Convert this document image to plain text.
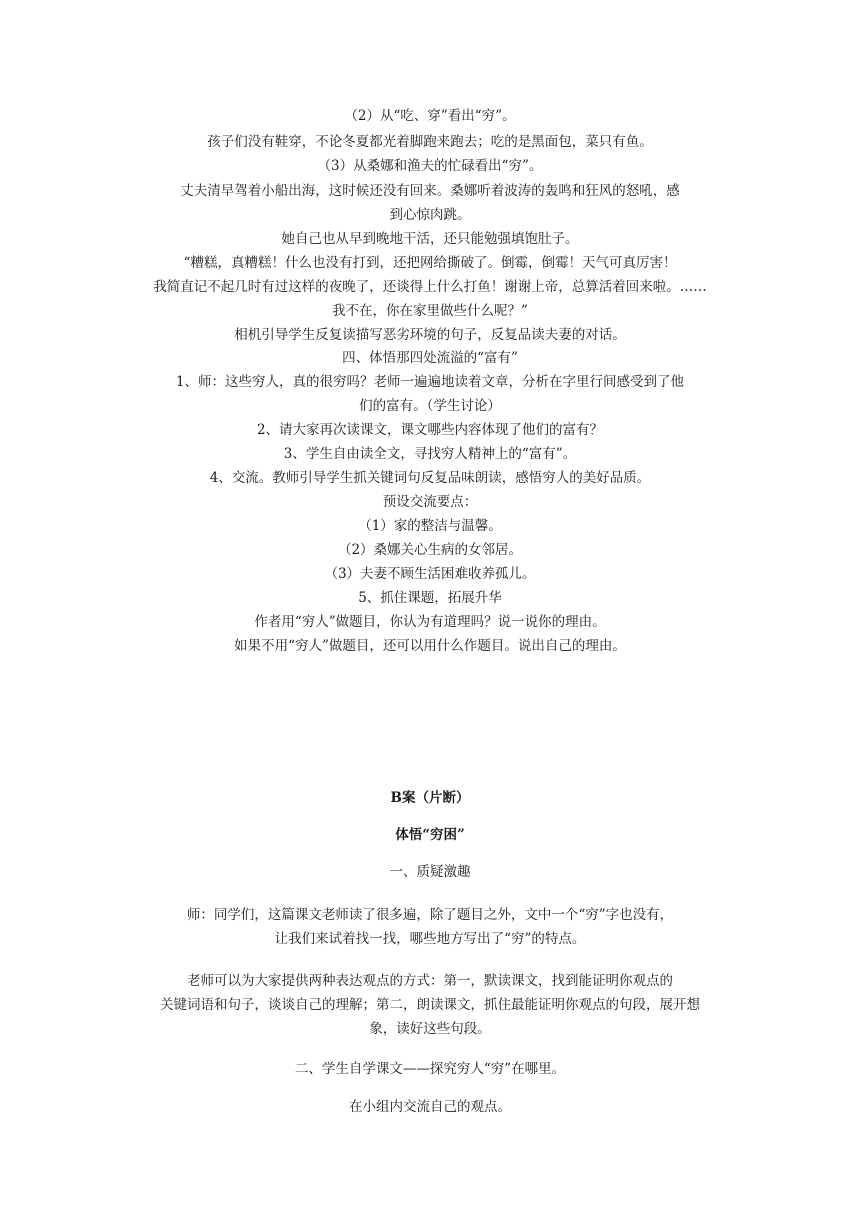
（2）从“吃、穿”看出“穷”。
孩子们没有鞋穿，不论冬夏都光着脚跑来跑去；吃的是黑面包，菜只有鱼。
（3）从桑娜和渔夫的忙碌看出“穷”。
丈夫清早驾着小船出海，这时候还没有回来。桑娜听着波涛的轰鸣和狂风的怒吼，感
到心惊肉跳。
她自己也从早到晚地干活，还只能勉强填饱肚子。
“糟糕，真糟糕！什么也没有打到，还把网给撕破了。倒霉，倒霉！天气可真厉害！
我简直记不起几时有过这样的夜晚了，还谈得上什么打鱼！谢谢上帝，总算活着回来啦。……
我不在，你在家里做些什么呢？”
相机引导学生反复读描写恶劣环境的句子，反复品读夫妻的对话。
四、体悟那四处流溢的“富有”
1、师：这些穷人，真的很穷吗？老师一遍遍地读着文章，分析在字里行间感受到了他
们的富有。（学生讨论）
2、请大家再次读课文，课文哪些内容体现了他们的富有？
3、学生自由读全文，寻找穷人精神上的“富有”。
4、交流。教师引导学生抓关键词句反复品味朗读，感悟穷人的美好品质。
预设交流要点：
（1）家的整洁与温馨。
（2）桑娜关心生病的女邻居。
（3）夫妻不顾生活困难收养孤儿。
5、抓住课题，拓展升华
作者用“穷人”做题目，你认为有道理吗？说一说你的理由。
如果不用“穷人”做题目，还可以用什么作题目。说出自己的理由。
B案（片断）
体悟“穷困”
一、质疑激趣
师：同学们，这篇课文老师读了很多遍，除了题目之外，文中一个“穷”字也没有，
让我们来试着找一找，哪些地方写出了“穷”的特点。
老师可以为大家提供两种表达观点的方式：第一，默读课文，找到能证明你观点的
关键词语和句子，谈谈自己的理解；第二，朗读课文，抓住最能证明你观点的句段，展开想
象，读好这些句段。
二、学生自学课文——探究穷人“穷”在哪里。
在小组内交流自己的观点。
